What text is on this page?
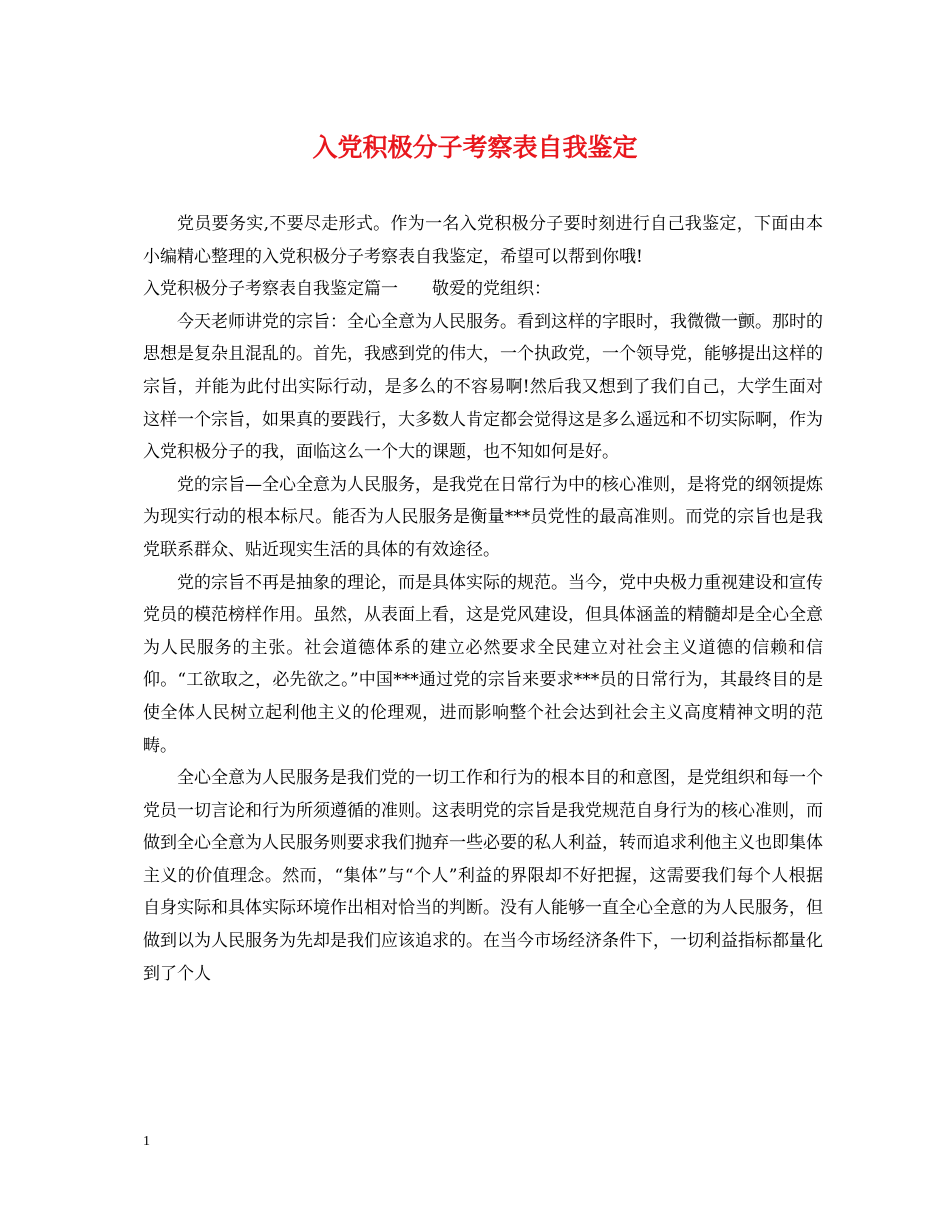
入党积极分子考察表自我鉴定

党员要务实,不要尽走形式。作为一名入党积极分子要时刻进行自己我鉴定，下面由本小编精心整理的入党积极分子考察表自我鉴定，希望可以帮到你哦!

入党积极分子考察表自我鉴定篇一　　敬爱的党组织：

今天老师讲党的宗旨：全心全意为人民服务。看到这样的字眼时，我微微一颤。那时的思想是复杂且混乱的。首先，我感到党的伟大，一个执政党，一个领导党，能够提出这样的宗旨，并能为此付出实际行动，是多么的不容易啊!然后我又想到了我们自己，大学生面对这样一个宗旨，如果真的要践行，大多数人肯定都会觉得这是多么遥远和不切实际啊，作为入党积极分子的我，面临这么一个大的课题，也不知如何是好。

党的宗旨—全心全意为人民服务，是我党在日常行为中的核心准则，是将党的纲领提炼为现实行动的根本标尺。能否为人民服务是衡量***员党性的最高准则。而党的宗旨也是我党联系群众、贴近现实生活的具体的有效途径。

党的宗旨不再是抽象的理论，而是具体实际的规范。当今，党中央极力重视建设和宣传党员的模范榜样作用。虽然，从表面上看，这是党风建设，但具体涵盖的精髓却是全心全意为人民服务的主张。社会道德体系的建立必然要求全民建立对社会主义道德的信赖和信仰。“工欲取之，必先欲之。”中国***通过党的宗旨来要求***员的日常行为，其最终目的是使全体人民树立起利他主义的伦理观，进而影响整个社会达到社会主义高度精神文明的范畴。

全心全意为人民服务是我们党的一切工作和行为的根本目的和意图，是党组织和每一个党员一切言论和行为所须遵循的准则。这表明党的宗旨是我党规范自身行为的核心准则，而做到全心全意为人民服务则要求我们抛弃一些必要的私人利益，转而追求利他主义也即集体主义的价值理念。然而，“集体”与“个人”利益的界限却不好把握，这需要我们每个人根据自身实际和具体实际环境作出相对恰当的判断。没有人能够一直全心全意的为人民服务，但做到以为人民服务为先却是我们应该追求的。在当今市场经济条件下，一切利益指标都量化到了个人

1
